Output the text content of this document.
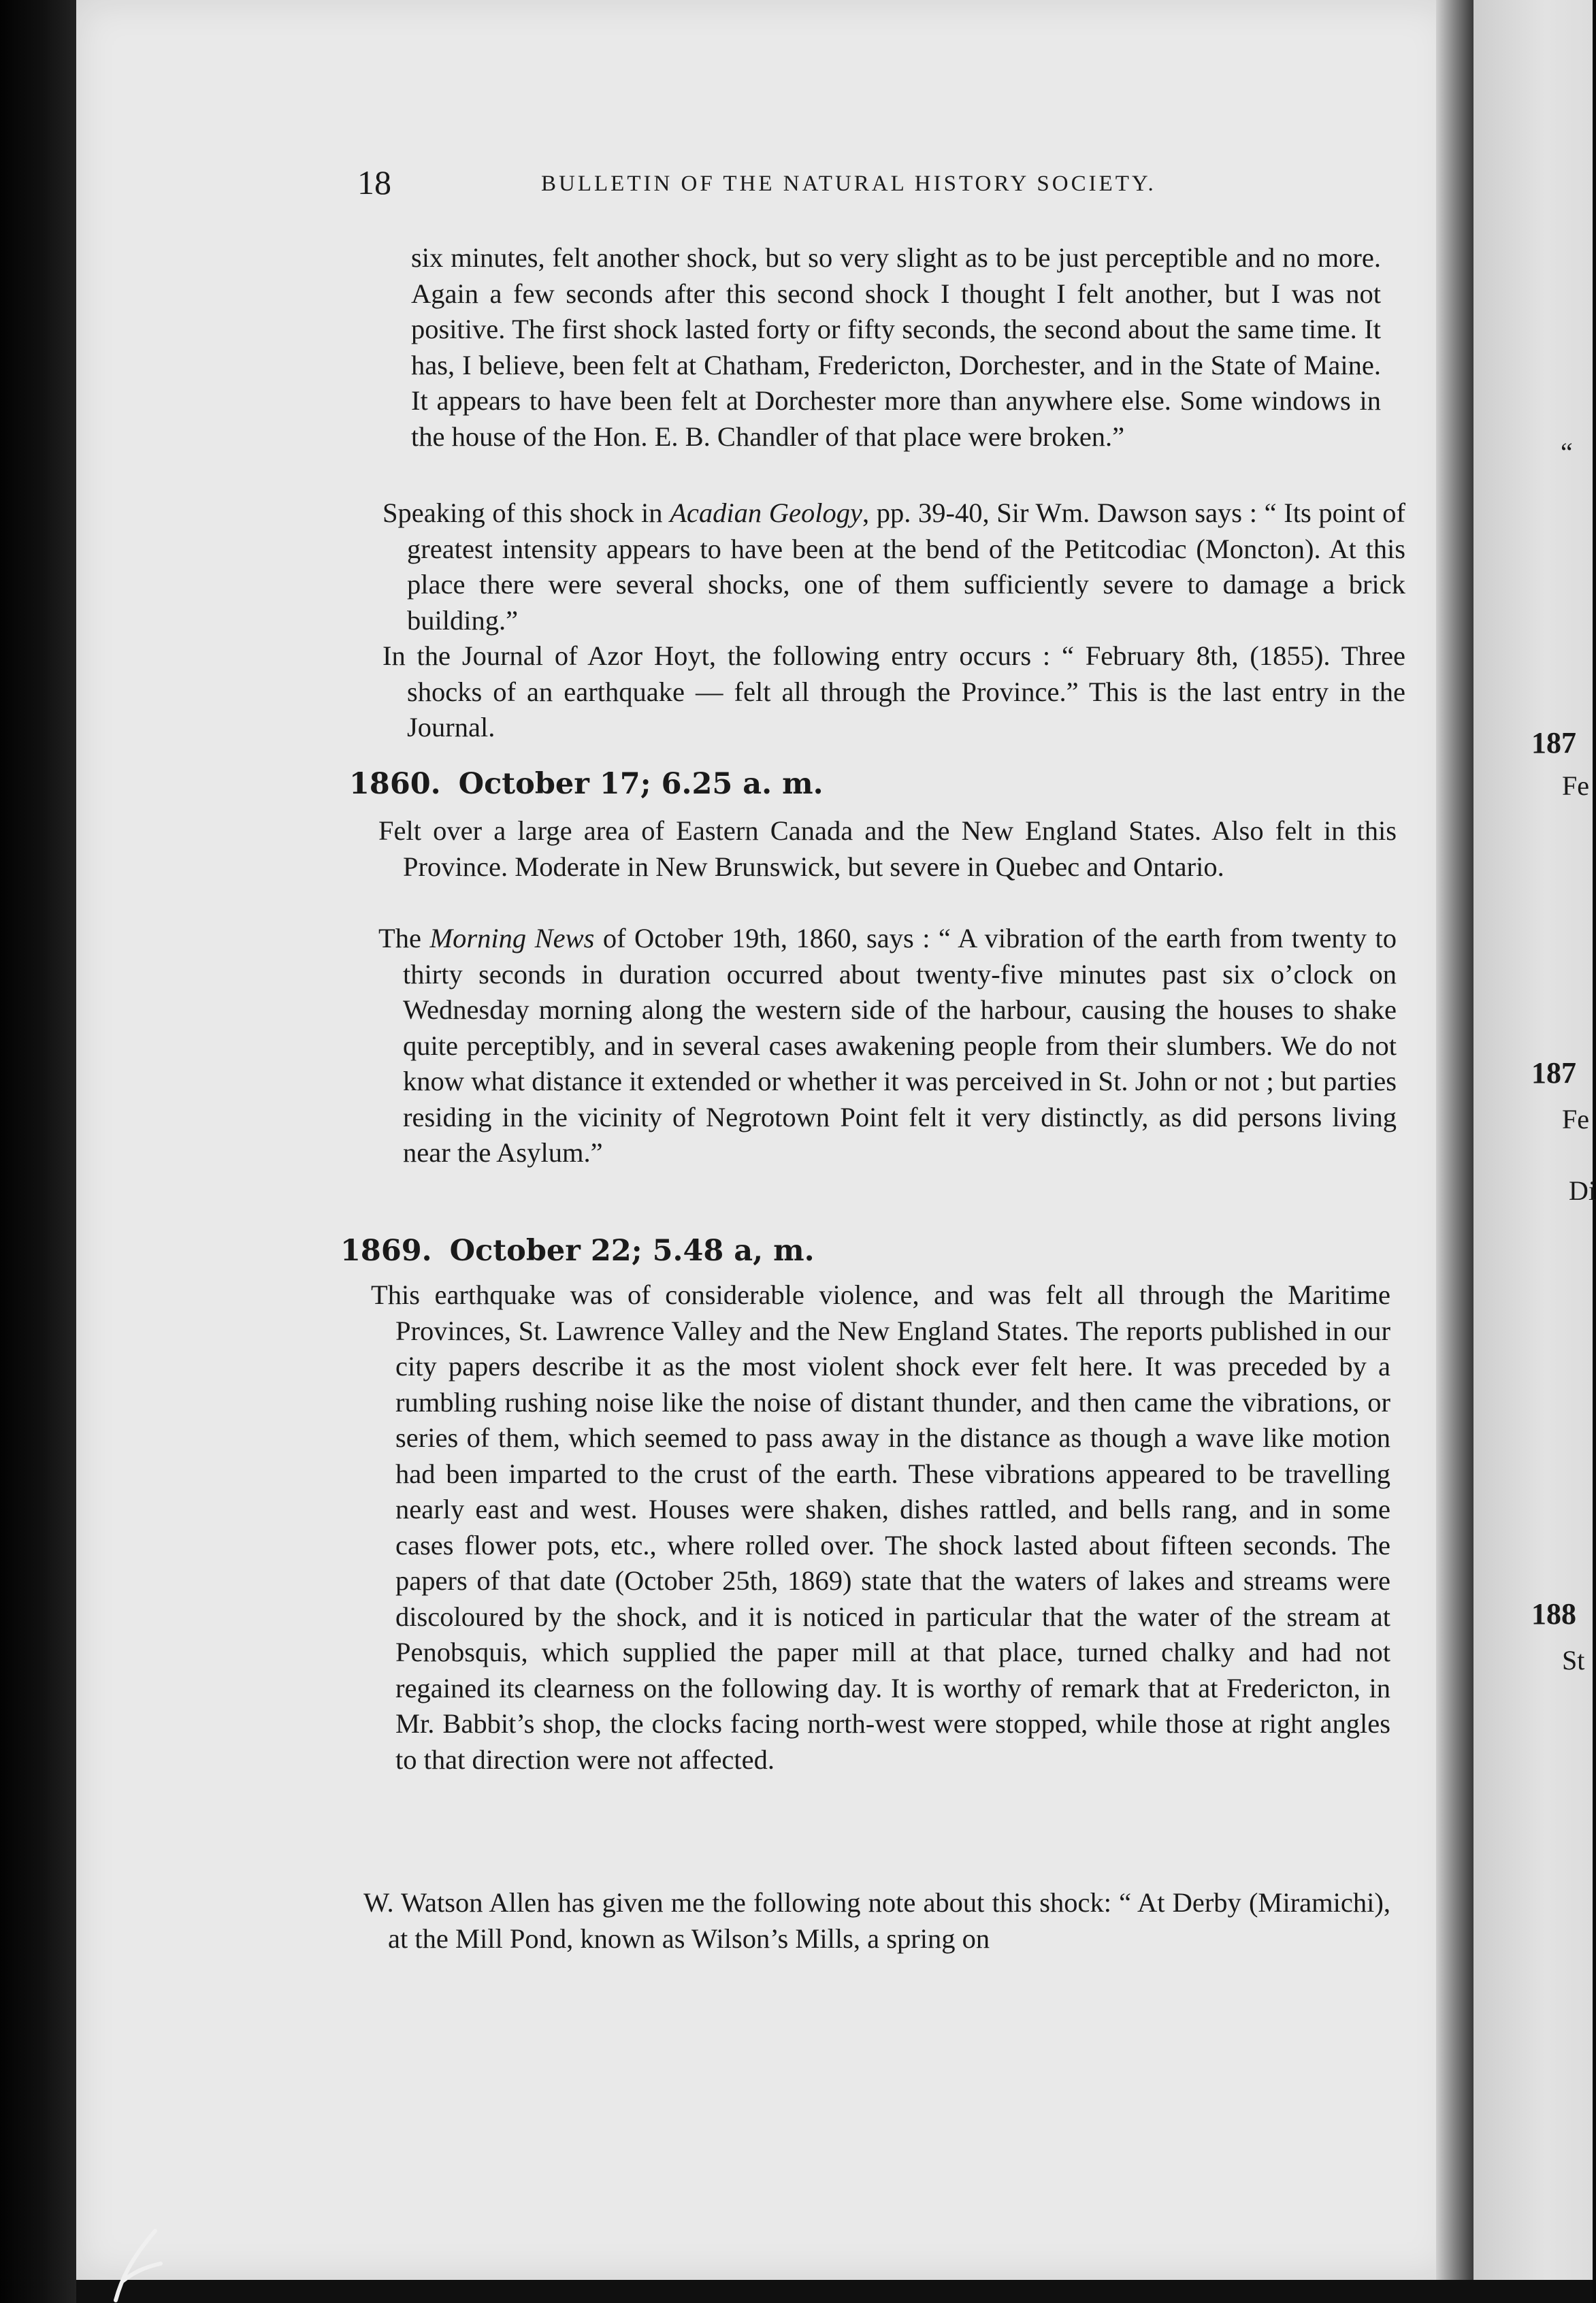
18	BULLETIN OF THE NATURAL HISTORY SOCIETY.

six minutes, felt another shock, but so very slight as to be just perceptible and no more. Again a few seconds after this second shock I thought I felt another, but I was not positive. The first shock lasted forty or fifty seconds, the second about the same time. It has, I believe, been felt at Chatham, Fredericton, Dorchester, and in the State of Maine. It appears to have been felt at Dorchester more than anywhere else. Some windows in the house of the Hon. E. B. Chandler of that place were broken.”

Speaking of this shock in Acadian Geology, pp. 39-40, Sir Wm. Dawson says : “ Its point of greatest intensity appears to have been at the bend of the Petitcodiac (Moncton). At this place there were several shocks, one of them sufficiently severe to damage a brick building.”

In the Journal of Azor Hoyt, the following entry occurs : “ February 8th, (1855). Three shocks of an earthquake — felt all through the Province.” This is the last entry in the Journal.

1860. October 17; 6.25 a. m.

Felt over a large area of Eastern Canada and the New England States. Also felt in this Province. Moderate in New Brunswick, but severe in Quebec and Ontario.

The Morning News of October 19th, 1860, says : “ A vibration of the earth from twenty to thirty seconds in duration occurred about twenty-five minutes past six o’clock on Wednesday morning along the western side of the harbour, causing the houses to shake quite perceptibly, and in several cases awakening people from their slumbers. We do not know what distance it extended or whether it was perceived in St. John or not ; but parties residing in the vicinity of Negrotown Point felt it very distinctly, as did persons living near the Asylum.”

1869. October 22; 5.48 a, m.

This earthquake was of considerable violence, and was felt all through the Maritime Provinces, St. Lawrence Valley and the New England States. The reports published in our city papers describe it as the most violent shock ever felt here. It was preceded by a rumbling rushing noise like the noise of distant thunder, and then came the vibrations, or series of them, which seemed to pass away in the distance as though a wave like motion had been imparted to the crust of the earth. These vibrations appeared to be travelling nearly east and west. Houses were shaken, dishes rattled, and bells rang, and in some cases flower pots, etc., where rolled over. The shock lasted about fifteen seconds. The papers of that date (October 25th, 1869) state that the waters of lakes and streams were discoloured by the shock, and it is noticed in particular that the water of the stream at Penobsquis, which supplied the paper mill at that place, turned chalky and had not regained its clearness on the following day. It is worthy of remark that at Fredericton, in Mr. Babbit’s shop, the clocks facing north-west were stopped, while those at right angles to that direction were not affected.

W. Watson Allen has given me the following note about this shock: “ At Derby (Miramichi), at the Mill Pond, known as Wilson’s Mills, a spring on

“
187
Fe
187
Fe
Di
188
St
